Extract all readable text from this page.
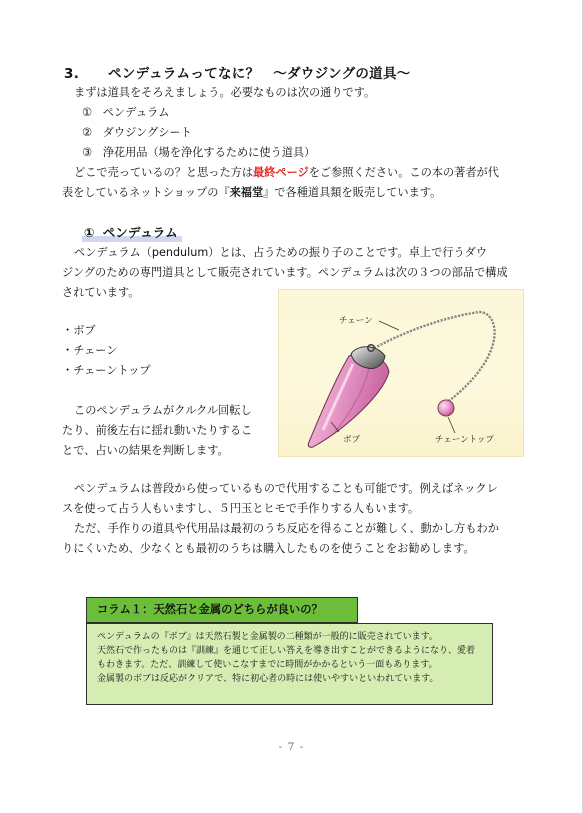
3. ペンデュラムってなに？　～ダウジングの道具～
まずは道具をそろえましょう。必要なものは次の通りです。
① ペンデュラム
② ダウジングシート
③ 浄花用品（場を浄化するために使う道具）
どこで売っているの？と思った方は最終ページをご参照ください。この本の著者が代
表をしているネットショップの『来福堂』で各種道具類を販売しています。
① ペンデュラム
ペンデュラム（pendulum）とは、占うための振り子のことです。卓上で行うダウ
ジングのための専門道具として販売されています。ペンデュラムは次の３つの部品で構成
されています。
・ボブ
・チェーン
・チェーントップ
このペンデュラムがクルクル回転し
たり、前後左右に揺れ動いたりするこ
とで、占いの結果を判断します。
チェーン
ボブ	チェーントップ
ペンデュラムは普段から使っているもので代用することも可能です。例えばネックレ
スを使って占う人もいますし、５円玉とヒモで手作りする人もいます。
ただ、手作りの道具や代用品は最初のうち反応を得ることが難しく、動かし方もわか
りにくいため、少なくとも最初のうちは購入したものを使うことをお勧めします。
コラム１：天然石と金属のどちらが良いの？
ペンデュラムの『ボブ』は天然石製と金属製の二種類が一般的に販売されています。
天然石で作ったものは『訓練』を通じて正しい答えを導き出すことができるようになり、愛着
もわきます。ただ、訓練して使いこなすまでに時間がかかるという一面もあります。
金属製のボブは反応がクリアで、特に初心者の時には使いやすいといわれています。
- 7 -
